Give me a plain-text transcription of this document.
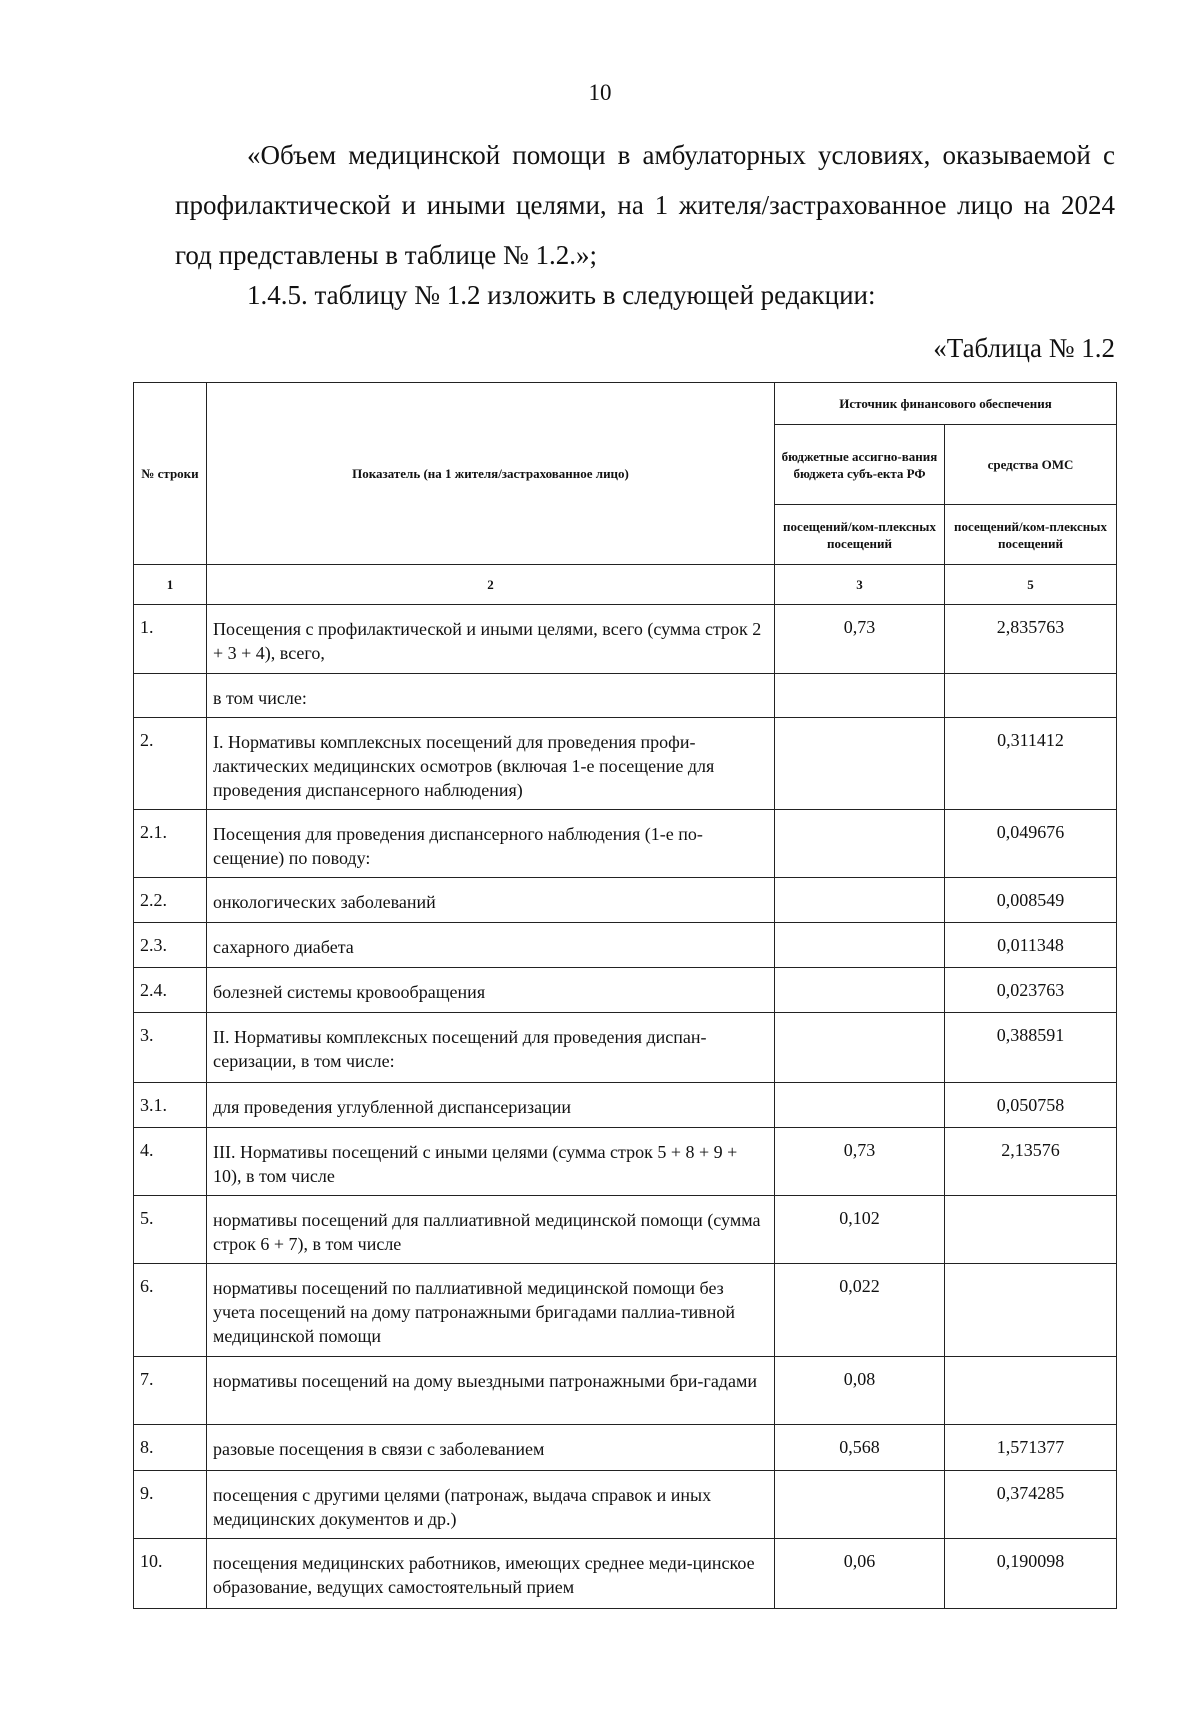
10

«Объем медицинской помощи в амбулаторных условиях, оказываемой с профилактической и иными целями, на 1 жителя/застрахованное лицо на 2024 год представлены в таблице № 1.2.»;

1.4.5. таблицу № 1.2 изложить в следующей редакции:

«Таблица № 1.2

№ строки	Показатель (на 1 жителя/застрахованное лицо)	Источник финансового обеспечения	
		бюджетные ассигно-вания бюджета субъ-екта РФ	средства ОМС
		посещений/ком-плексных посещений	посещений/ком-плексных посещений
1	2	3	5
1.	Посещения с профилактической и иными целями, всего (сумма строк 2 + 3 + 4), всего,	0,73	2,835763
	в том числе:		
2.	I. Нормативы комплексных посещений для проведения профи-лактических медицинских осмотров (включая 1-е посещение для проведения диспансерного наблюдения)		0,311412
2.1.	Посещения для проведения диспансерного наблюдения (1-е по-сещение) по поводу:		0,049676
2.2.	онкологических заболеваний		0,008549
2.3.	сахарного диабета		0,011348
2.4.	болезней системы кровообращения		0,023763
3.	II. Нормативы комплексных посещений для проведения диспан-серизации, в том числе:		0,388591
3.1.	для проведения углубленной диспансеризации		0,050758
4.	III. Нормативы посещений с иными целями (сумма строк 5 + 8 + 9 + 10), в том числе	0,73	2,13576
5.	нормативы посещений для паллиативной медицинской помощи (сумма строк 6 + 7), в том числе	0,102	
6.	нормативы посещений по паллиативной медицинской помощи без учета посещений на дому патронажными бригадами паллиа-тивной медицинской помощи	0,022	
7.	нормативы посещений на дому выездными патронажными бри-гадами	0,08	
8.	разовые посещения в связи с заболеванием	0,568	1,571377
9.	посещения с другими целями (патронаж, выдача справок и иных медицинских документов и др.)		0,374285
10.	посещения медицинских работников, имеющих среднее меди-цинское образование, ведущих самостоятельный прием	0,06	0,190098
